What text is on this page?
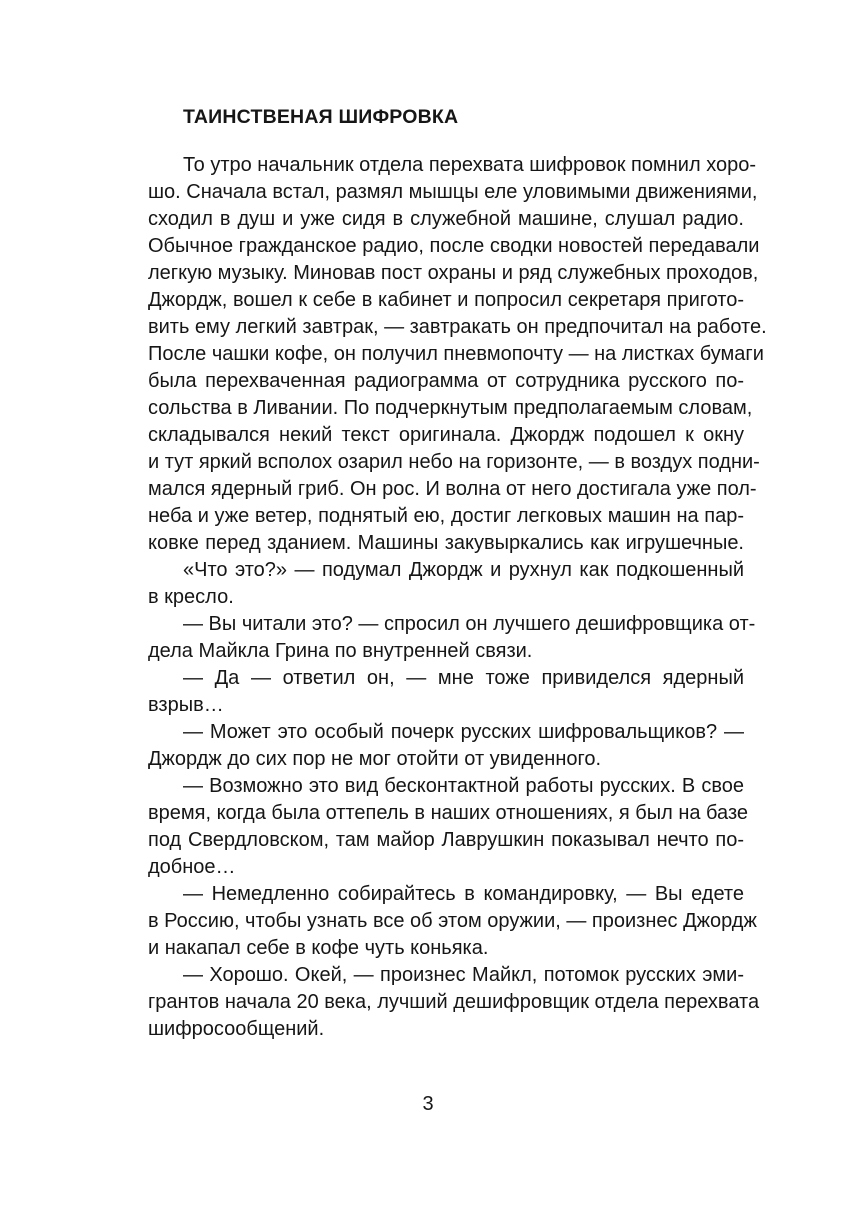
ТАИНСТВЕНАЯ ШИФРОВКА
То утро начальник отдела перехвата шифровок помнил хоро-
шо. Сначала встал, размял мышцы еле уловимыми движениями,
сходил в душ и уже сидя в служебной машине, слушал радио.
Обычное гражданское радио, после сводки новостей передавали
легкую музыку. Миновав пост охраны и ряд служебных проходов,
Джордж, вошел к себе в кабинет и попросил секретаря пригото-
вить ему легкий завтрак, — завтракать он предпочитал на работе.
После чашки кофе, он получил пневмопочту — на листках бумаги
была перехваченная радиограмма от сотрудника русского по-
сольства в Ливании. По подчеркнутым предполагаемым словам,
складывался некий текст оригинала. Джордж подошел к окну
и тут яркий всполох озарил небо на горизонте, — в воздух подни-
мался ядерный гриб. Он рос. И волна от него достигала уже пол-
неба и уже ветер, поднятый ею, достиг легковых машин на пар-
ковке перед зданием. Машины закувыркались как игрушечные.
«Что это?» — подумал Джордж и рухнул как подкошенный
в кресло.
— Вы читали это? — спросил он лучшего дешифровщика от-
дела Майкла Грина по внутренней связи.
— Да — ответил он, — мне тоже привиделся ядерный
взрыв…
— Может это особый почерк русских шифровальщиков? —
Джордж до сих пор не мог отойти от увиденного.
— Возможно это вид бесконтактной работы русских. В свое
время, когда была оттепель в наших отношениях, я был на базе
под Свердловском, там майор Лаврушкин показывал нечто по-
добное…
— Немедленно собирайтесь в командировку, — Вы едете
в Россию, чтобы узнать все об этом оружии, — произнес Джордж
и накапал себе в кофе чуть коньяка.
— Хорошо. Окей, — произнес Майкл, потомок русских эми-
грантов начала 20 века, лучший дешифровщик отдела перехвата
шифросообщений.
3
